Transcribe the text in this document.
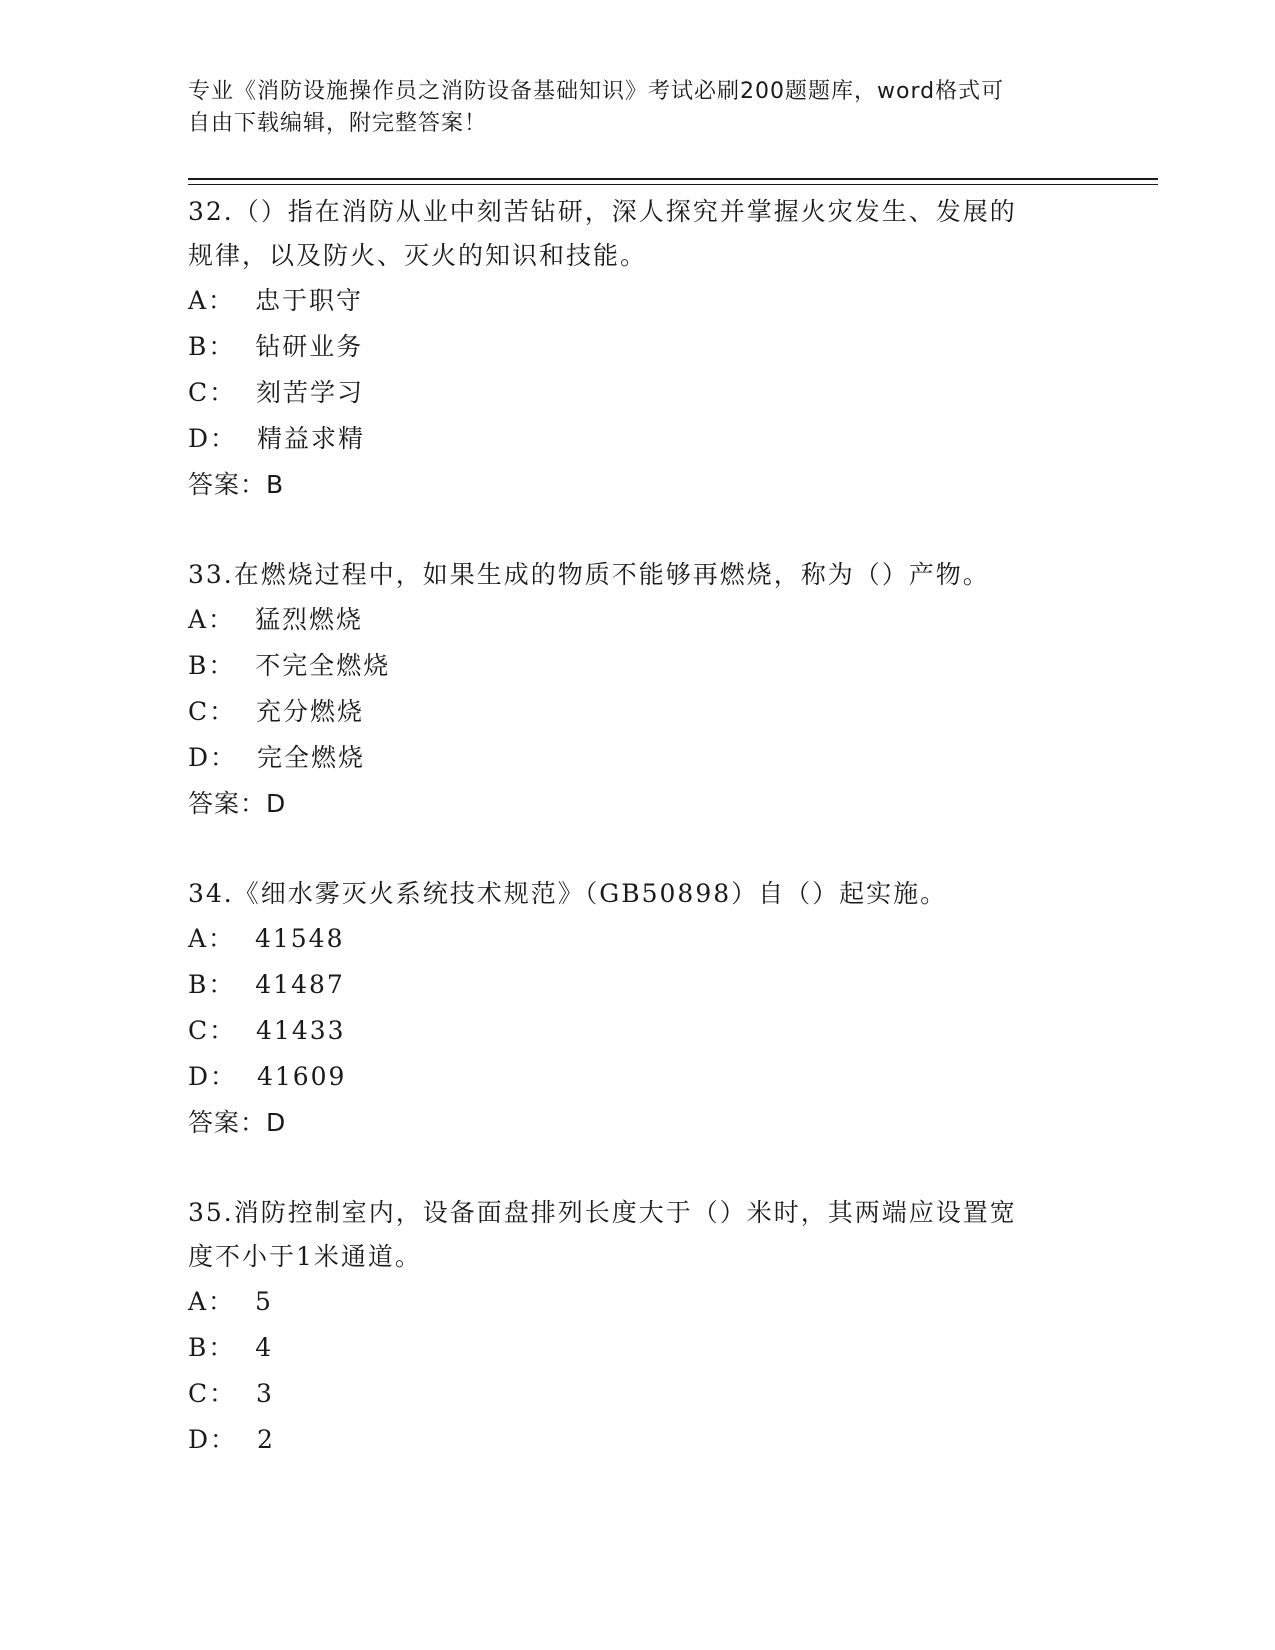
专业《消防设施操作员之消防设备基础知识》考试必刷200题题库，word格式可
自由下载编辑，附完整答案！

32.（）指在消防从业中刻苦钻研，深人探究并掌握火灾发生、发展的

规律，以及防火、灭火的知识和技能。

A：  忠于职守

B：  钻研业务

C：  刻苦学习

D：  精益求精

答案：B

33.在燃烧过程中，如果生成的物质不能够再燃烧，称为（）产物。

A：  猛烈燃烧

B：  不完全燃烧

C：  充分燃烧

D：  完全燃烧

答案：D

34.《细水雾灭火系统技术规范》（GB50898）自（）起实施。

A：  41548

B：  41487

C：  41433

D：  41609

答案：D

35.消防控制室内，设备面盘排列长度大于（）米时，其两端应设置宽

度不小于1米通道。

A：  5

B：  4

C：  3

D：  2
